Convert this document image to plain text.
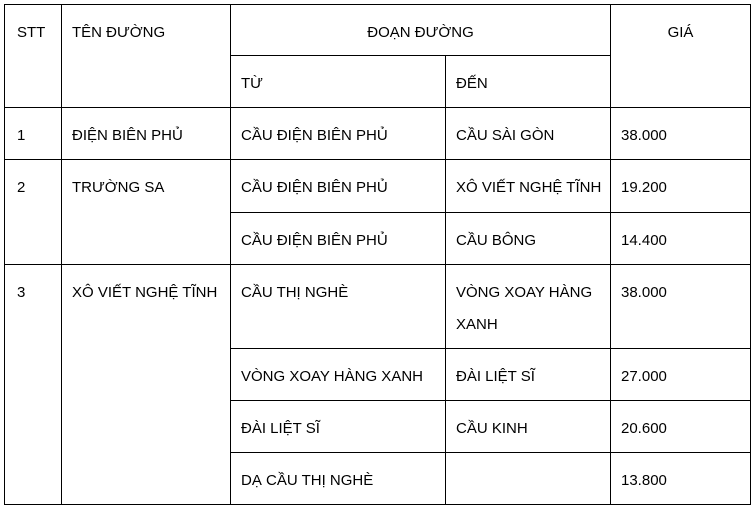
STT	TÊN ĐƯỜNG	ĐOẠN ĐƯỜNG		GIÁ
		TỪ	ĐẾN	
1	ĐIỆN BIÊN PHỦ	CẦU ĐIỆN BIÊN PHỦ	CẦU SÀI GÒN	38.000
2	TRƯỜNG SA	CẦU ĐIỆN BIÊN PHỦ	XÔ VIẾT NGHỆ TĨNH	19.200
		CẦU ĐIỆN BIÊN PHỦ	CẦU BÔNG	14.400
3	XÔ VIẾT NGHỆ TĨNH	CẦU THỊ NGHÈ	VÒNG XOAY HÀNG XANH	38.000
		VÒNG XOAY HÀNG XANH	ĐÀI LIỆT SĨ	27.000
		ĐÀI LIỆT SĨ	CẦU KINH	20.600
		DẠ CẦU THỊ NGHÈ		13.800
